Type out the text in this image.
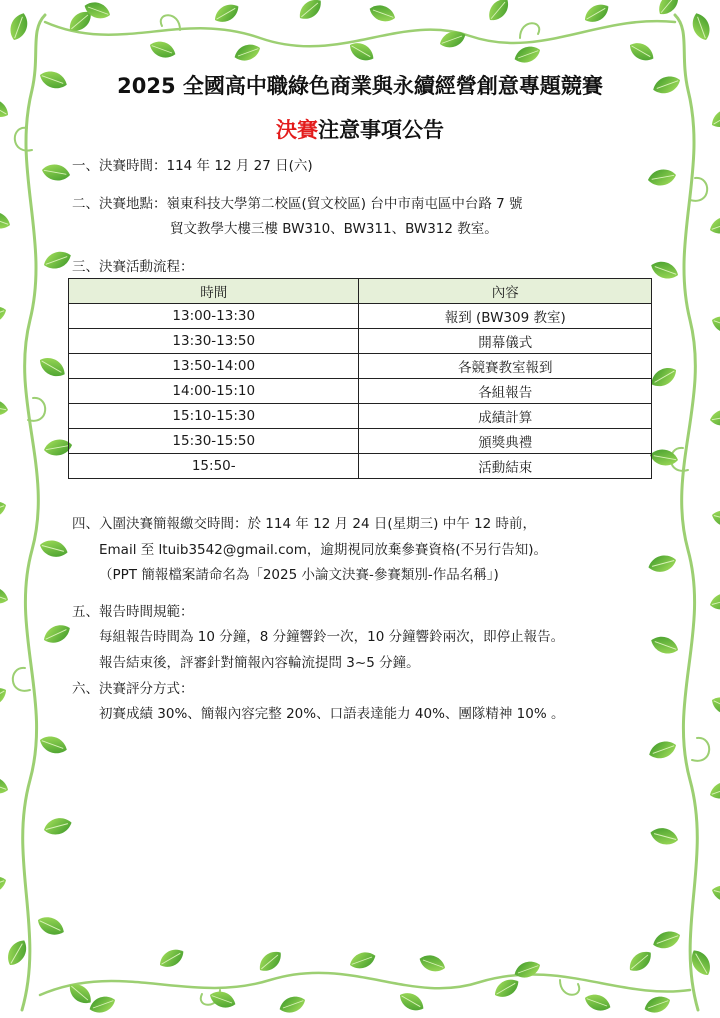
2025 全國高中職綠色商業與永續經營創意專題競賽
決賽注意事項公告
一、決賽時間：114 年 12 月 27 日(六)
二、決賽地點：嶺東科技大學第二校區(貿文校區) 台中市南屯區中台路 7 號
貿文教學大樓三樓 BW310、BW311、BW312 教室。
三、決賽活動流程：
時間	內容
13:00-13:30	報到 (BW309 教室)
13:30-13:50	開幕儀式
13:50-14:00	各競賽教室報到
14:00-15:10	各組報告
15:10-15:30	成績計算
15:30-15:50	頒獎典禮
15:50-	活動結束
四、入圍決賽簡報繳交時間：於 114 年 12 月 24 日(星期三) 中午 12 時前，
Email 至 ltuib3542@gmail.com，逾期視同放棄參賽資格(不另行告知)。
（PPT 簡報檔案請命名為「2025 小論文決賽-參賽類別-作品名稱」)
五、報告時間規範：
每組報告時間為 10 分鐘，8 分鐘響鈴一次，10 分鐘響鈴兩次，即停止報告。
報告結束後，評審針對簡報內容輪流提問 3~5 分鐘。
六、決賽評分方式：
初賽成績 30%、簡報內容完整 20%、口語表達能力 40%、團隊精神 10% 。
